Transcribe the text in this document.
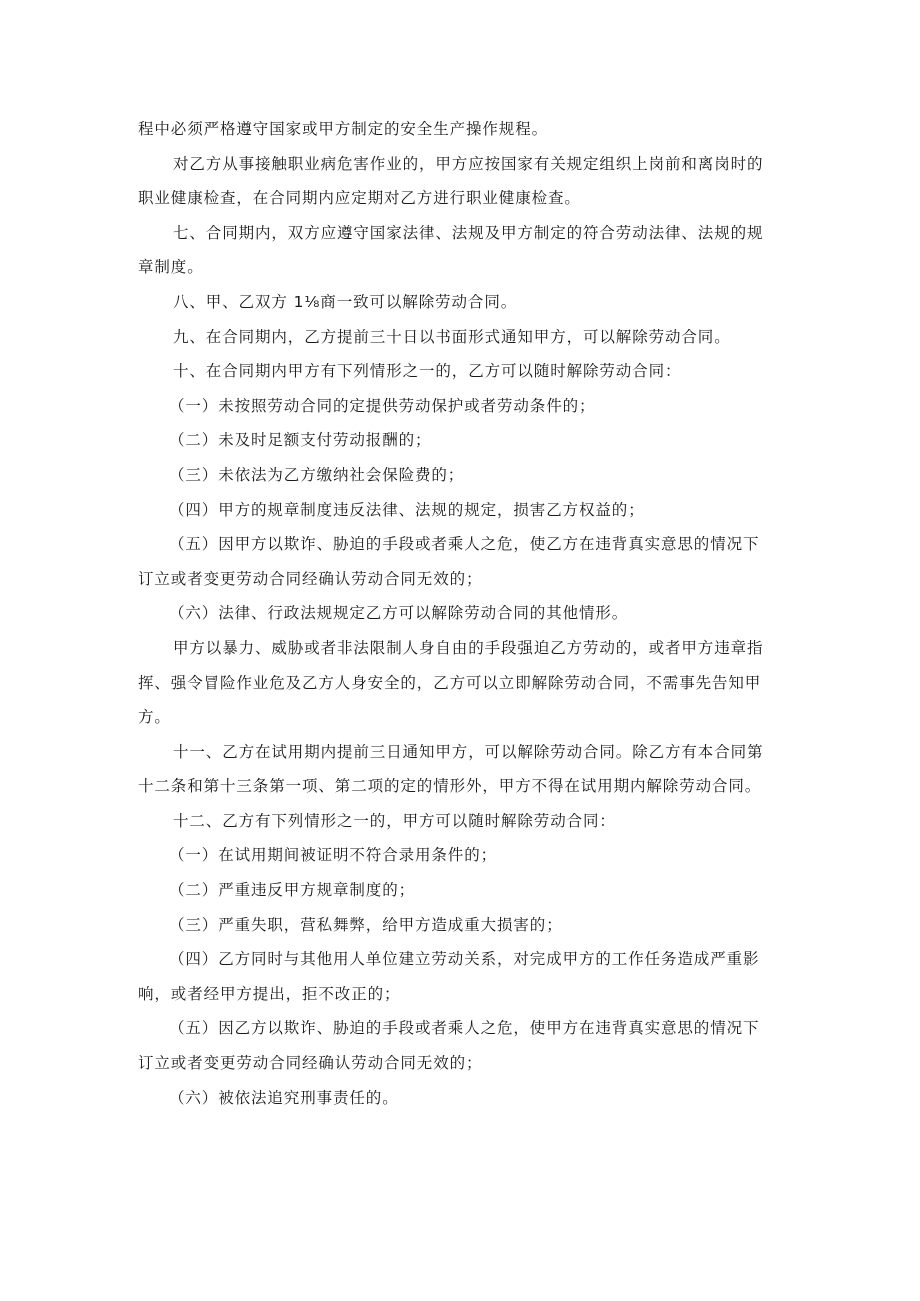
程中必须严格遵守国家或甲方制定的安全生产操作规程。

对乙方从事接触职业病危害作业的，甲方应按国家有关规定组织上岗前和离岗时的

职业健康检查，在合同期内应定期对乙方进行职业健康检查。

七、合同期内，双方应遵守国家法律、法规及甲方制定的符合劳动法律、法规的规

章制度。

八、甲、乙双方 1⅛商一致可以解除劳动合同。

九、在合同期内，乙方提前三十日以书面形式通知甲方，可以解除劳动合同。

十、在合同期内甲方有下列情形之一的，乙方可以随时解除劳动合同：

（一）未按照劳动合同的定提供劳动保护或者劳动条件的；

（二）未及时足额支付劳动报酬的；

（三）未依法为乙方缴纳社会保险费的；

（四）甲方的规章制度违反法律、法规的规定，损害乙方权益的；

（五）因甲方以欺诈、胁迫的手段或者乘人之危，使乙方在违背真实意思的情况下

订立或者变更劳动合同经确认劳动合同无效的；

（六）法律、行政法规规定乙方可以解除劳动合同的其他情形。

甲方以暴力、威胁或者非法限制人身自由的手段强迫乙方劳动的，或者甲方违章指

挥、强令冒险作业危及乙方人身安全的，乙方可以立即解除劳动合同，不需事先告知甲

方。

十一、乙方在试用期内提前三日通知甲方，可以解除劳动合同。除乙方有本合同第

十二条和第十三条第一项、第二项的定的情形外，甲方不得在试用期内解除劳动合同。

十二、乙方有下列情形之一的，甲方可以随时解除劳动合同：

（一）在试用期间被证明不符合录用条件的；

（二）严重违反甲方规章制度的；

（三）严重失职，营私舞弊，给甲方造成重大损害的；

（四）乙方同时与其他用人单位建立劳动关系，对完成甲方的工作任务造成严重影

响，或者经甲方提出，拒不改正的；

（五）因乙方以欺诈、胁迫的手段或者乘人之危，使甲方在违背真实意思的情况下

订立或者变更劳动合同经确认劳动合同无效的；

（六）被依法追究刑事责任的。
